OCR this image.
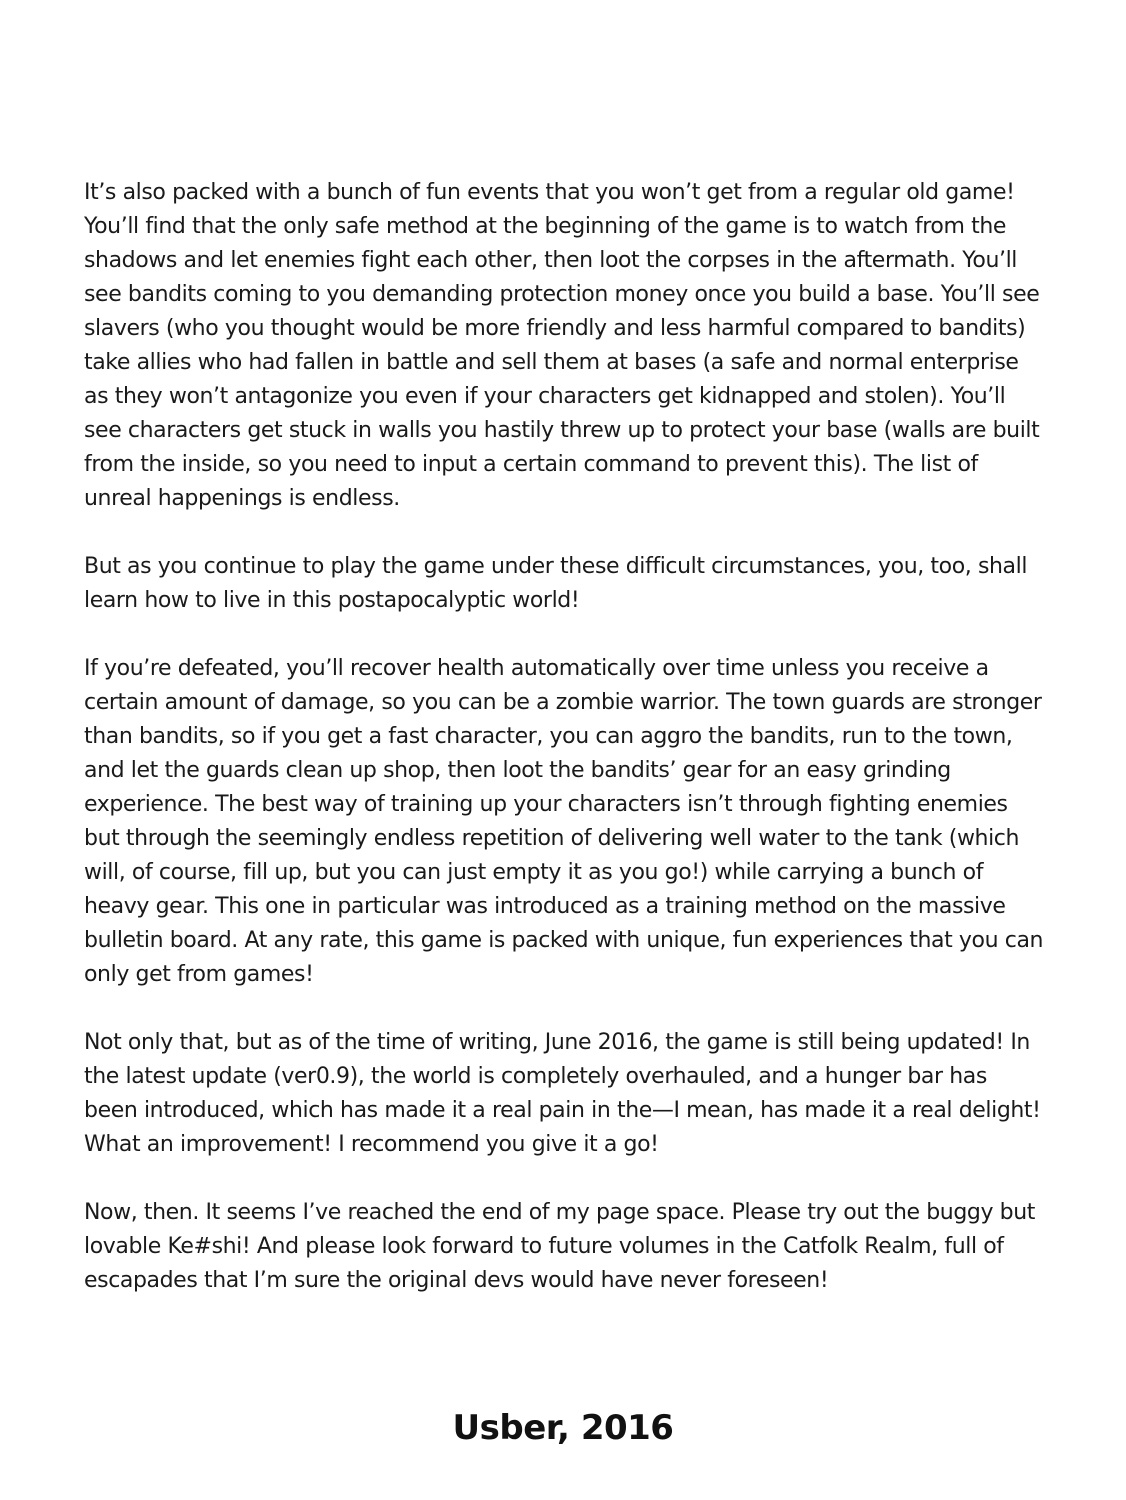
It’s also packed with a bunch of fun events that you won’t get from a regular old game! You’ll find that the only safe method at the beginning of the game is to watch from the shadows and let enemies fight each other, then loot the corpses in the aftermath. You’ll see bandits coming to you demanding protection money once you build a base. You’ll see slavers (who you thought would be more friendly and less harmful compared to bandits) take allies who had fallen in battle and sell them at bases (a safe and normal enterprise as they won’t antagonize you even if your characters get kidnapped and stolen). You’ll see characters get stuck in walls you hastily threw up to protect your base (walls are built from the inside, so you need to input a certain command to prevent this). The list of unreal happenings is endless.

But as you continue to play the game under these difficult circumstances, you, too, shall learn how to live in this postapocalyptic world!

If you’re defeated, you’ll recover health automatically over time unless you receive a certain amount of damage, so you can be a zombie warrior. The town guards are stronger than bandits, so if you get a fast character, you can aggro the bandits, run to the town, and let the guards clean up shop, then loot the bandits’ gear for an easy grinding experience. The best way of training up your characters isn’t through fighting enemies but through the seemingly endless repetition of delivering well water to the tank (which will, of course, fill up, but you can just empty it as you go!) while carrying a bunch of heavy gear. This one in particular was introduced as a training method on the massive bulletin board. At any rate, this game is packed with unique, fun experiences that you can only get from games!

Not only that, but as of the time of writing, June 2016, the game is still being updated! In the latest update (ver0.9), the world is completely overhauled, and a hunger bar has been introduced, which has made it a real pain in the—I mean, has made it a real delight! What an improvement! I recommend you give it a go!

Now, then. It seems I’ve reached the end of my page space. Please try out the buggy but lovable Ke#shi! And please look forward to future volumes in the Catfolk Realm, full of escapades that I’m sure the original devs would have never foreseen!

Usber, 2016
